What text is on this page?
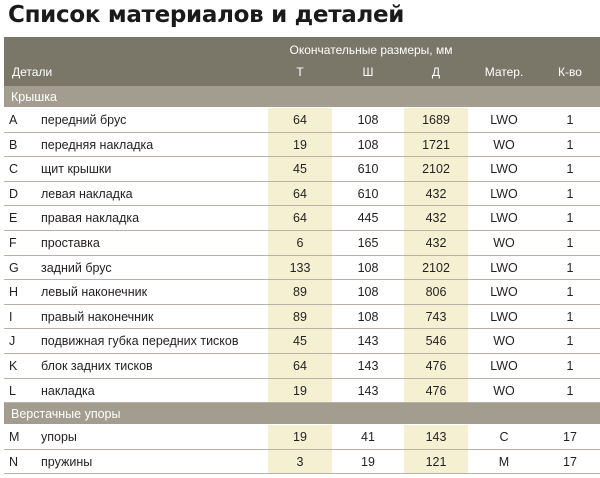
Список материалов и деталей
Окончательные размеры, мм
Детали	Т	Ш	Д	Матер.	К-во
Крышка
A	передний брус	64	108	1689	LWO	1
B	передняя накладка	19	108	1721	WO	1
C	щит крышки	45	610	2102	LWO	1
D	левая накладка	64	610	432	LWO	1
E	правая накладка	64	445	432	LWO	1
F	проставка	6	165	432	WO	1
G	задний брус	133	108	2102	LWO	1
H	левый наконечник	89	108	806	LWO	1
I	правый наконечник	89	108	743	LWO	1
J	подвижная губка передних тисков	45	143	546	WO	1
K	блок задних тисков	64	143	476	LWO	1
L	накладка	19	143	476	WO	1
Верстачные упоры
M	упоры	19	41	143	C	17
N	пружины	3	19	121	M	17
